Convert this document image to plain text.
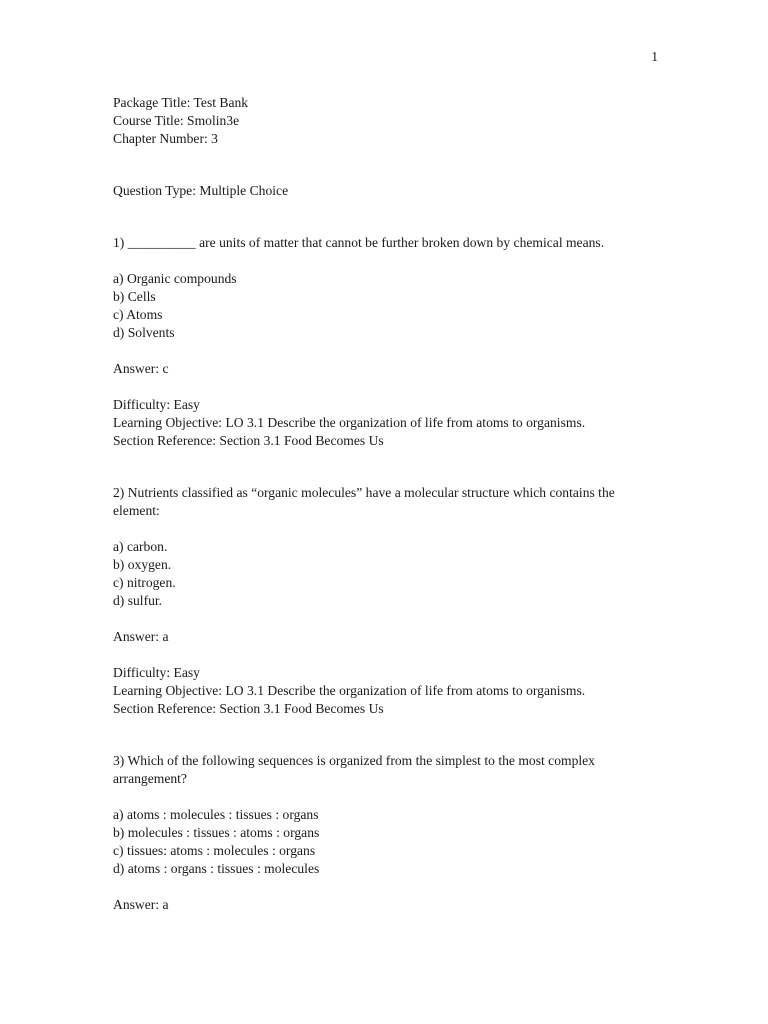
1
Package Title: Test Bank
Course Title: Smolin3e
Chapter Number: 3
Question Type: Multiple Choice
1) __________ are units of matter that cannot be further broken down by chemical means.
a) Organic compounds
b) Cells
c) Atoms
d) Solvents
Answer: c
Difficulty: Easy
Learning Objective: LO 3.1 Describe the organization of life from atoms to organisms.
Section Reference: Section 3.1 Food Becomes Us
2) Nutrients classified as “organic molecules” have a molecular structure which contains the element:
a) carbon.
b) oxygen.
c) nitrogen.
d) sulfur.
Answer: a
Difficulty: Easy
Learning Objective: LO 3.1 Describe the organization of life from atoms to organisms.
Section Reference: Section 3.1 Food Becomes Us
3) Which of the following sequences is organized from the simplest to the most complex arrangement?
a) atoms : molecules : tissues : organs
b) molecules : tissues : atoms : organs
c) tissues: atoms : molecules : organs
d) atoms : organs : tissues : molecules
Answer: a
